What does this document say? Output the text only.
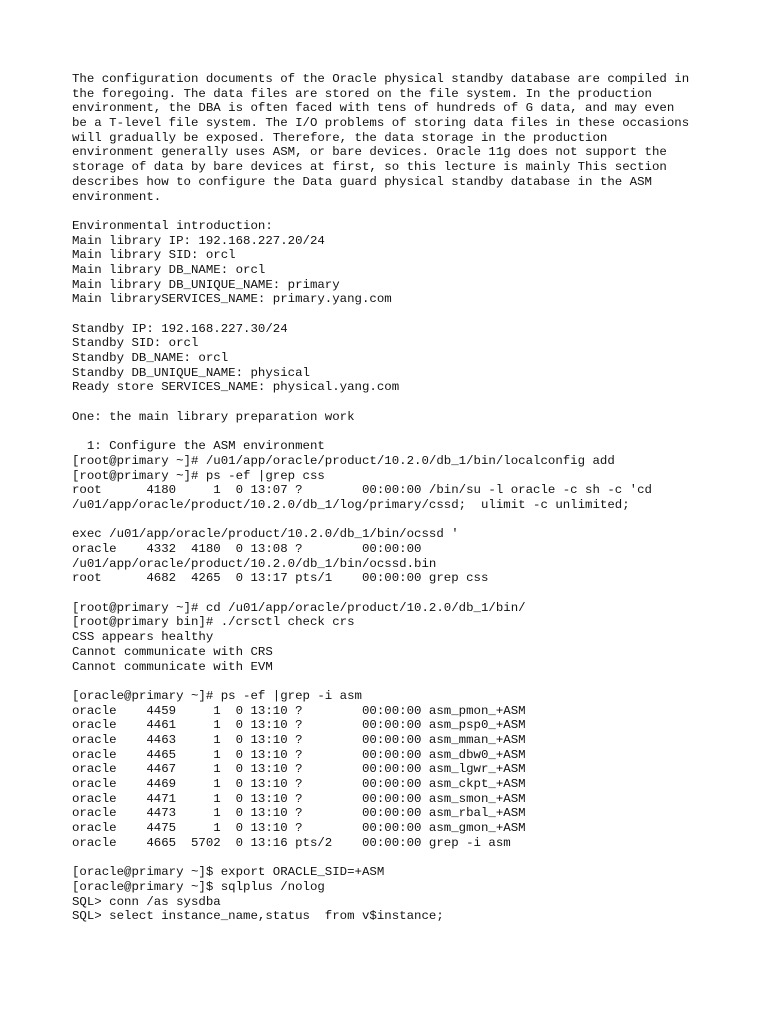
The configuration documents of the Oracle physical standby database are compiled in
the foregoing. The data files are stored on the file system. In the production
environment, the DBA is often faced with tens of hundreds of G data, and may even
be a T-level file system. The I/O problems of storing data files in these occasions
will gradually be exposed. Therefore, the data storage in the production
environment generally uses ASM, or bare devices. Oracle 11g does not support the
storage of data by bare devices at first, so this lecture is mainly This section
describes how to configure the Data guard physical standby database in the ASM
environment.
Environmental introduction:
Main library IP: 192.168.227.20/24
Main library SID: orcl
Main library DB_NAME: orcl
Main library DB_UNIQUE_NAME: primary
Main librarySERVICES_NAME: primary.yang.com
Standby IP: 192.168.227.30/24
Standby SID: orcl
Standby DB_NAME: orcl
Standby DB_UNIQUE_NAME: physical
Ready store SERVICES_NAME: physical.yang.com
One: the main library preparation work
1: Configure the ASM environment
[root@primary ~]# /u01/app/oracle/product/10.2.0/db_1/bin/localconfig add
[root@primary ~]# ps -ef |grep css
root      4180     1  0 13:07 ?        00:00:00 /bin/su -l oracle -c sh -c 'cd
/u01/app/oracle/product/10.2.0/db_1/log/primary/cssd;  ulimit -c unlimited;
exec /u01/app/oracle/product/10.2.0/db_1/bin/ocssd '
oracle    4332  4180  0 13:08 ?        00:00:00
/u01/app/oracle/product/10.2.0/db_1/bin/ocssd.bin
root      4682  4265  0 13:17 pts/1    00:00:00 grep css
[root@primary ~]# cd /u01/app/oracle/product/10.2.0/db_1/bin/
[root@primary bin]# ./crsctl check crs
CSS appears healthy
Cannot communicate with CRS
Cannot communicate with EVM
[oracle@primary ~]# ps -ef |grep -i asm
oracle    4459     1  0 13:10 ?        00:00:00 asm_pmon_+ASM
oracle    4461     1  0 13:10 ?        00:00:00 asm_psp0_+ASM
oracle    4463     1  0 13:10 ?        00:00:00 asm_mman_+ASM
oracle    4465     1  0 13:10 ?        00:00:00 asm_dbw0_+ASM
oracle    4467     1  0 13:10 ?        00:00:00 asm_lgwr_+ASM
oracle    4469     1  0 13:10 ?        00:00:00 asm_ckpt_+ASM
oracle    4471     1  0 13:10 ?        00:00:00 asm_smon_+ASM
oracle    4473     1  0 13:10 ?        00:00:00 asm_rbal_+ASM
oracle    4475     1  0 13:10 ?        00:00:00 asm_gmon_+ASM
oracle    4665  5702  0 13:16 pts/2    00:00:00 grep -i asm
[oracle@primary ~]$ export ORACLE_SID=+ASM
[oracle@primary ~]$ sqlplus /nolog
SQL> conn /as sysdba
SQL> select instance_name,status  from v$instance;
